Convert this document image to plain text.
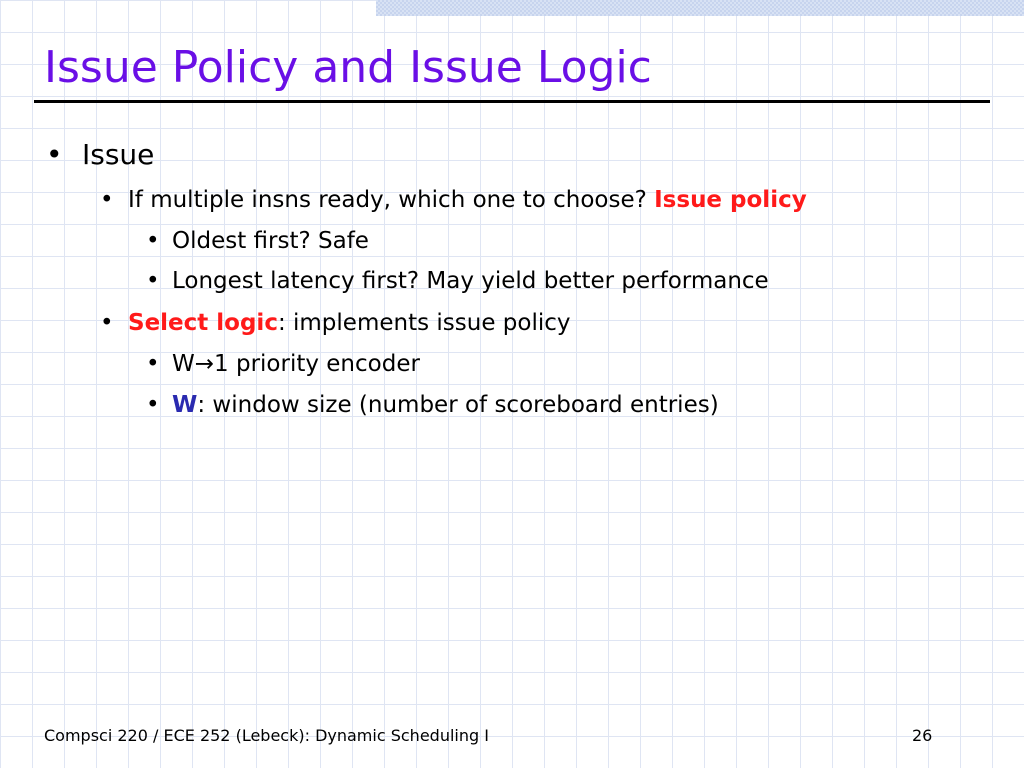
Issue Policy and Issue Logic
• Issue
• If multiple insns ready, which one to choose? Issue policy
• Oldest first? Safe
• Longest latency first? May yield better performance
• Select logic: implements issue policy
• W→1 priority encoder
• W: window size (number of scoreboard entries)
Compsci 220 / ECE 252 (Lebeck): Dynamic Scheduling I	26
